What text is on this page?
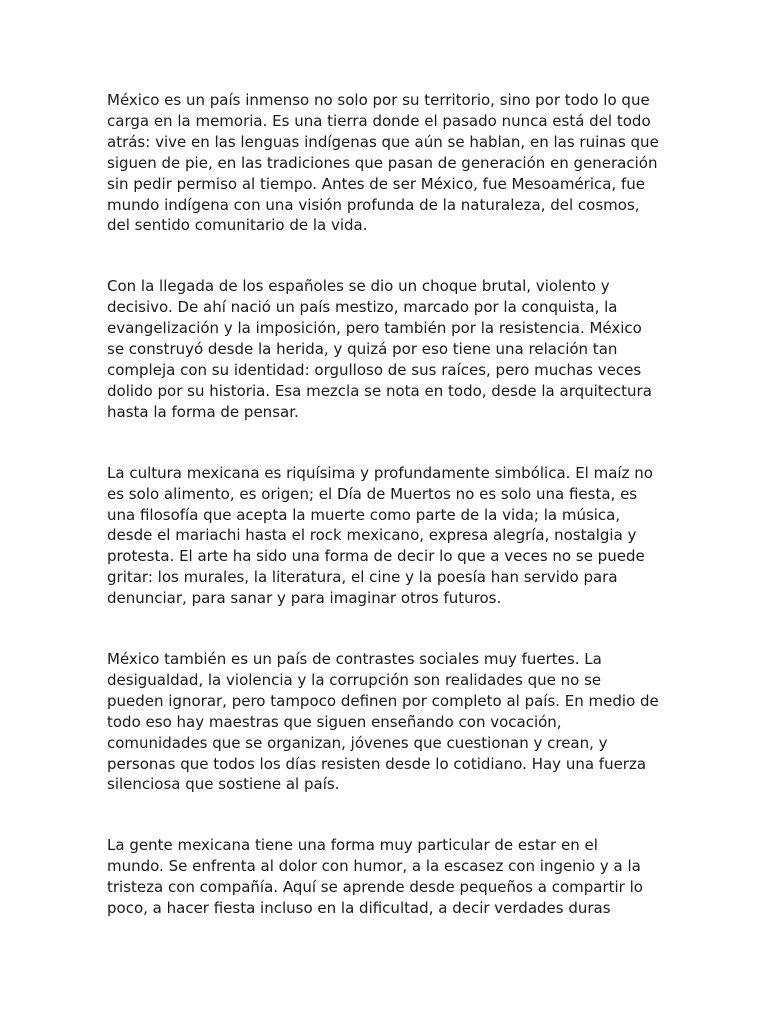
México es un país inmenso no solo por su territorio, sino por todo lo que
carga en la memoria. Es una tierra donde el pasado nunca está del todo
atrás: vive en las lenguas indígenas que aún se hablan, en las ruinas que
siguen de pie, en las tradiciones que pasan de generación en generación
sin pedir permiso al tiempo. Antes de ser México, fue Mesoamérica, fue
mundo indígena con una visión profunda de la naturaleza, del cosmos,
del sentido comunitario de la vida.

Con la llegada de los españoles se dio un choque brutal, violento y
decisivo. De ahí nació un país mestizo, marcado por la conquista, la
evangelización y la imposición, pero también por la resistencia. México
se construyó desde la herida, y quizá por eso tiene una relación tan
compleja con su identidad: orgulloso de sus raíces, pero muchas veces
dolido por su historia. Esa mezcla se nota en todo, desde la arquitectura
hasta la forma de pensar.

La cultura mexicana es riquísima y profundamente simbólica. El maíz no
es solo alimento, es origen; el Día de Muertos no es solo una fiesta, es
una filosofía que acepta la muerte como parte de la vida; la música,
desde el mariachi hasta el rock mexicano, expresa alegría, nostalgia y
protesta. El arte ha sido una forma de decir lo que a veces no se puede
gritar: los murales, la literatura, el cine y la poesía han servido para
denunciar, para sanar y para imaginar otros futuros.

México también es un país de contrastes sociales muy fuertes. La
desigualdad, la violencia y la corrupción son realidades que no se
pueden ignorar, pero tampoco definen por completo al país. En medio de
todo eso hay maestras que siguen enseñando con vocación,
comunidades que se organizan, jóvenes que cuestionan y crean, y
personas que todos los días resisten desde lo cotidiano. Hay una fuerza
silenciosa que sostiene al país.

La gente mexicana tiene una forma muy particular de estar en el
mundo. Se enfrenta al dolor con humor, a la escasez con ingenio y a la
tristeza con compañía. Aquí se aprende desde pequeños a compartir lo
poco, a hacer fiesta incluso en la dificultad, a decir verdades duras
